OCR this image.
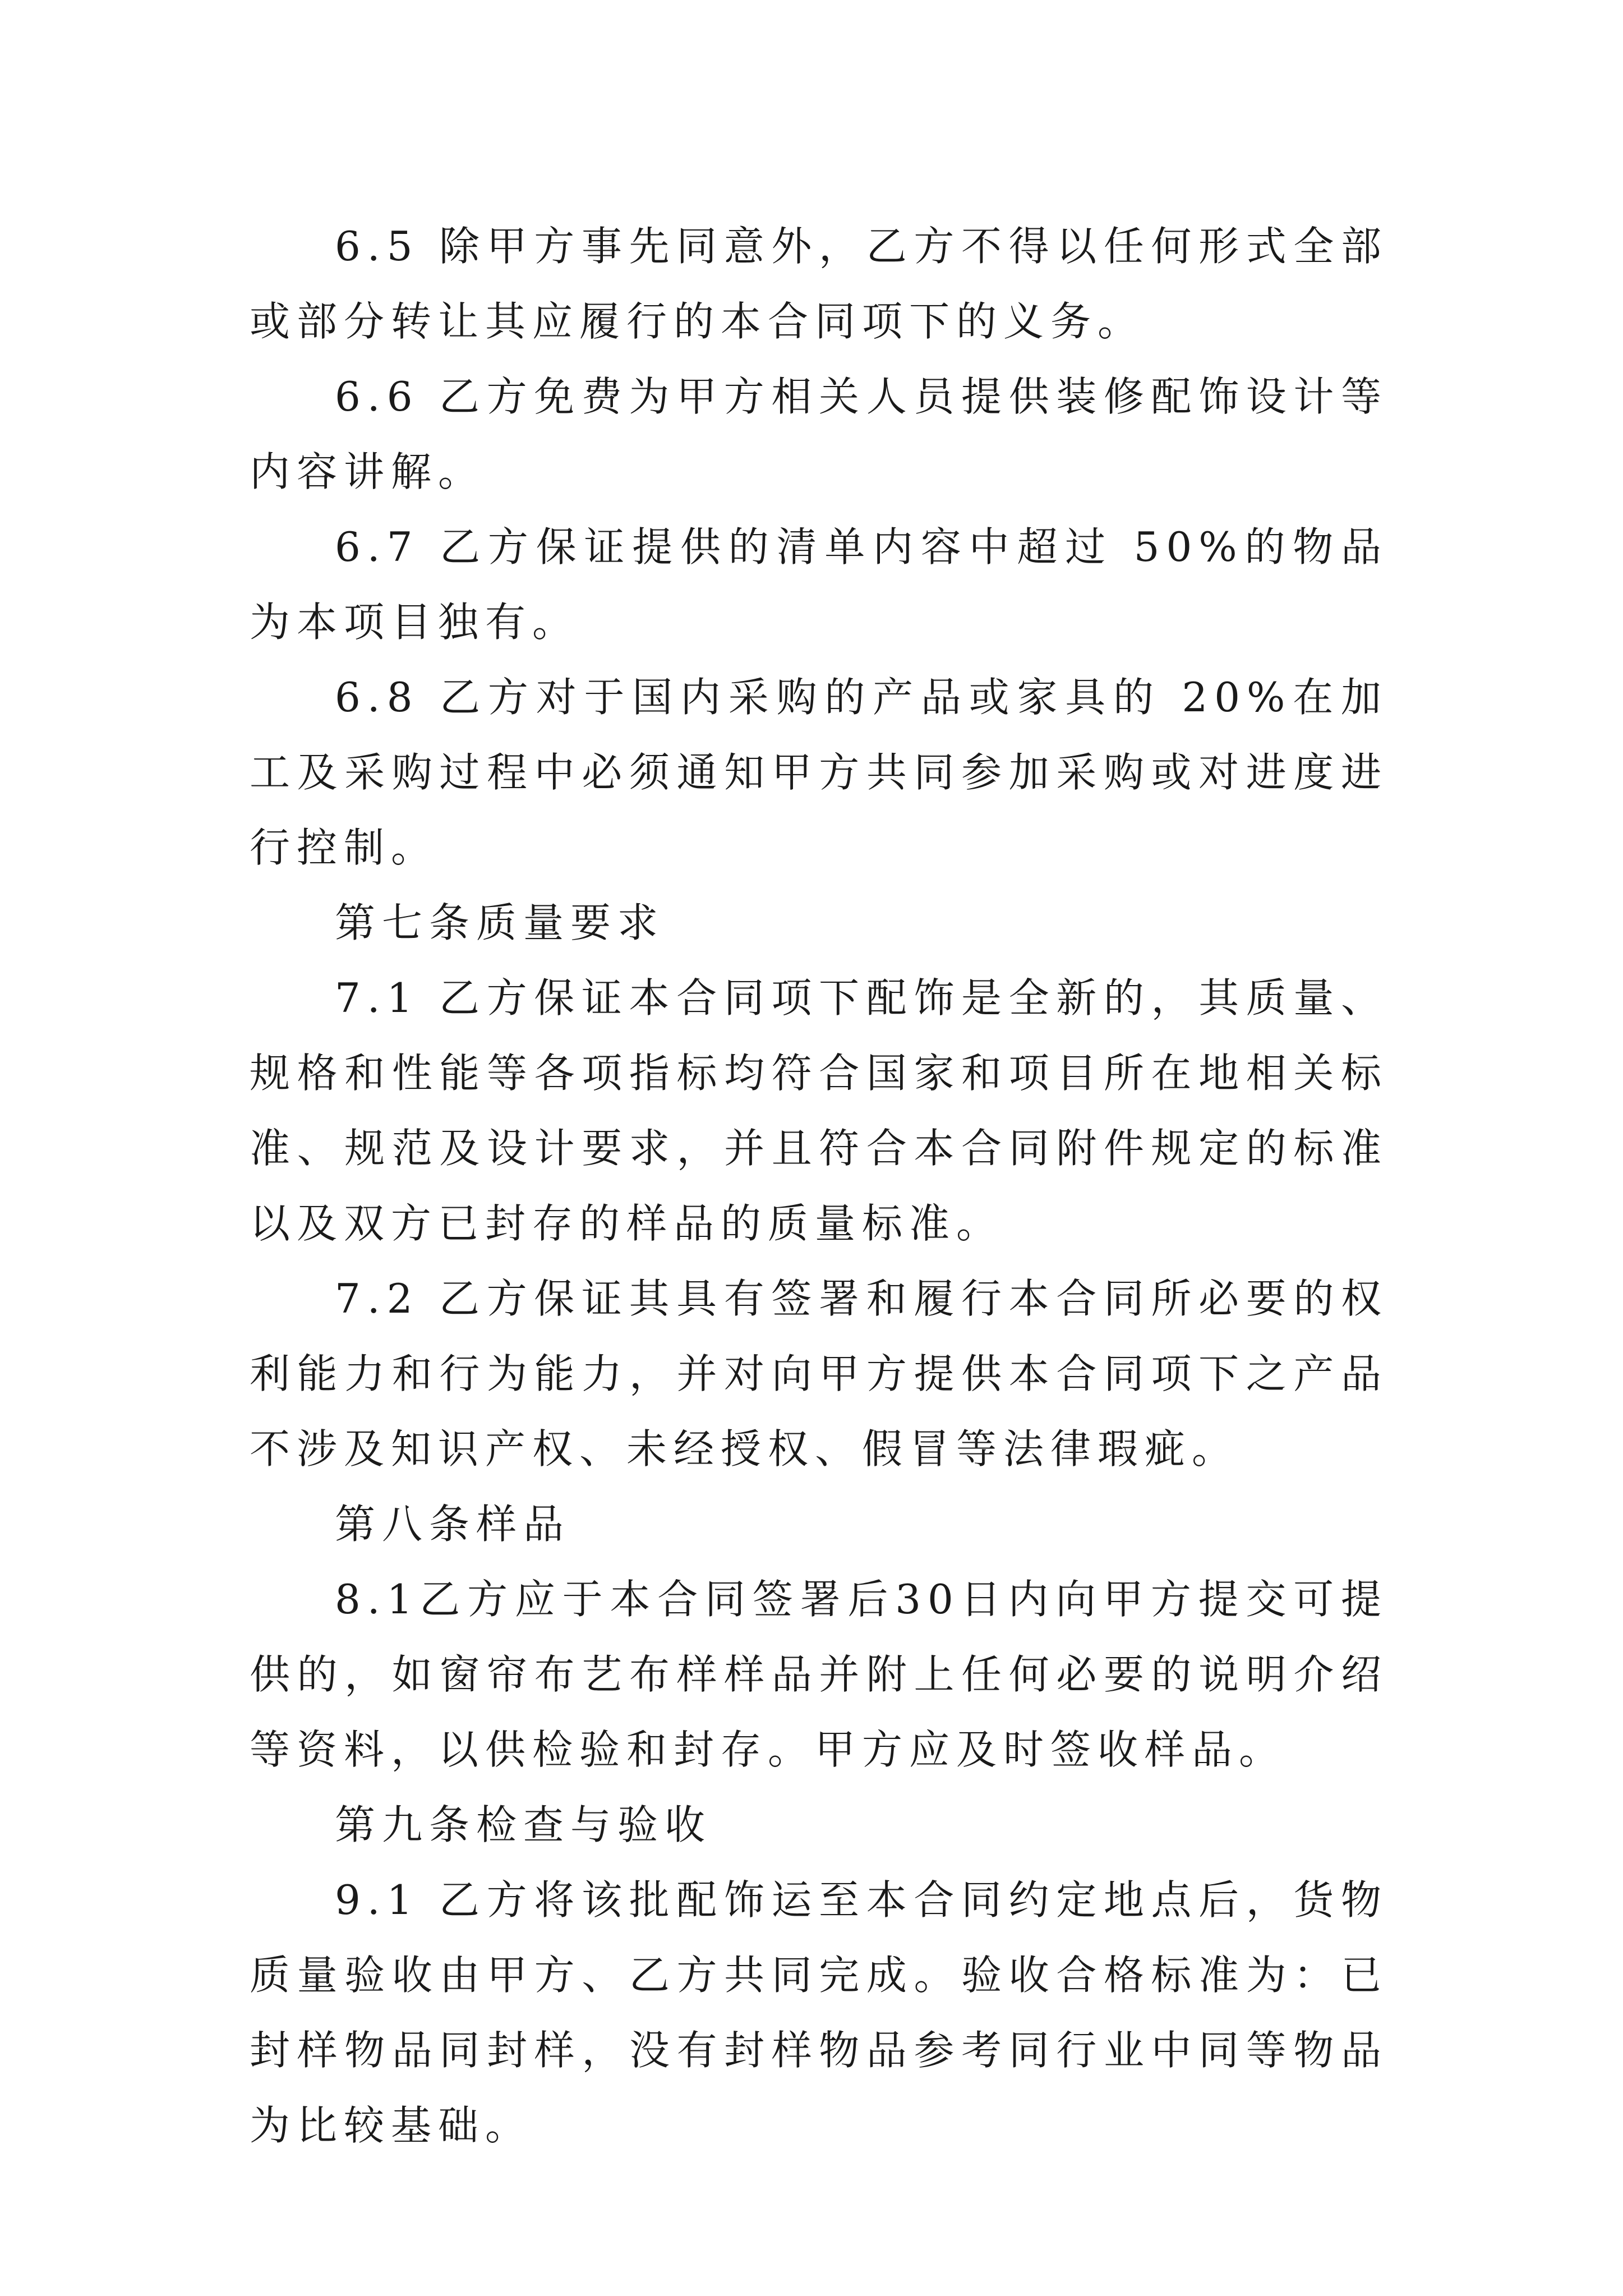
6.5 除甲方事先同意外，乙方不得以任何形式全部或部分转让其应履行的本合同项下的义务。

6.6 乙方免费为甲方相关人员提供装修配饰设计等内容讲解。

6.7 乙方保证提供的清单内容中超过 50%的物品为本项目独有。

6.8 乙方对于国内采购的产品或家具的 20%在加工及采购过程中必须通知甲方共同参加采购或对进度进行控制。

第七条质量要求

7.1 乙方保证本合同项下配饰是全新的，其质量、规格和性能等各项指标均符合国家和项目所在地相关标准、规范及设计要求，并且符合本合同附件规定的标准以及双方已封存的样品的质量标准。

7.2 乙方保证其具有签署和履行本合同所必要的权利能力和行为能力，并对向甲方提供本合同项下之产品不涉及知识产权、未经授权、假冒等法律瑕疵。

第八条样品

8.1乙方应于本合同签署后30日内向甲方提交可提供的，如窗帘布艺布样样品并附上任何必要的说明介绍等资料，以供检验和封存。甲方应及时签收样品。

第九条检查与验收

9.1 乙方将该批配饰运至本合同约定地点后，货物质量验收由甲方、乙方共同完成。验收合格标准为：已封样物品同封样，没有封样物品参考同行业中同等物品为比较基础。
